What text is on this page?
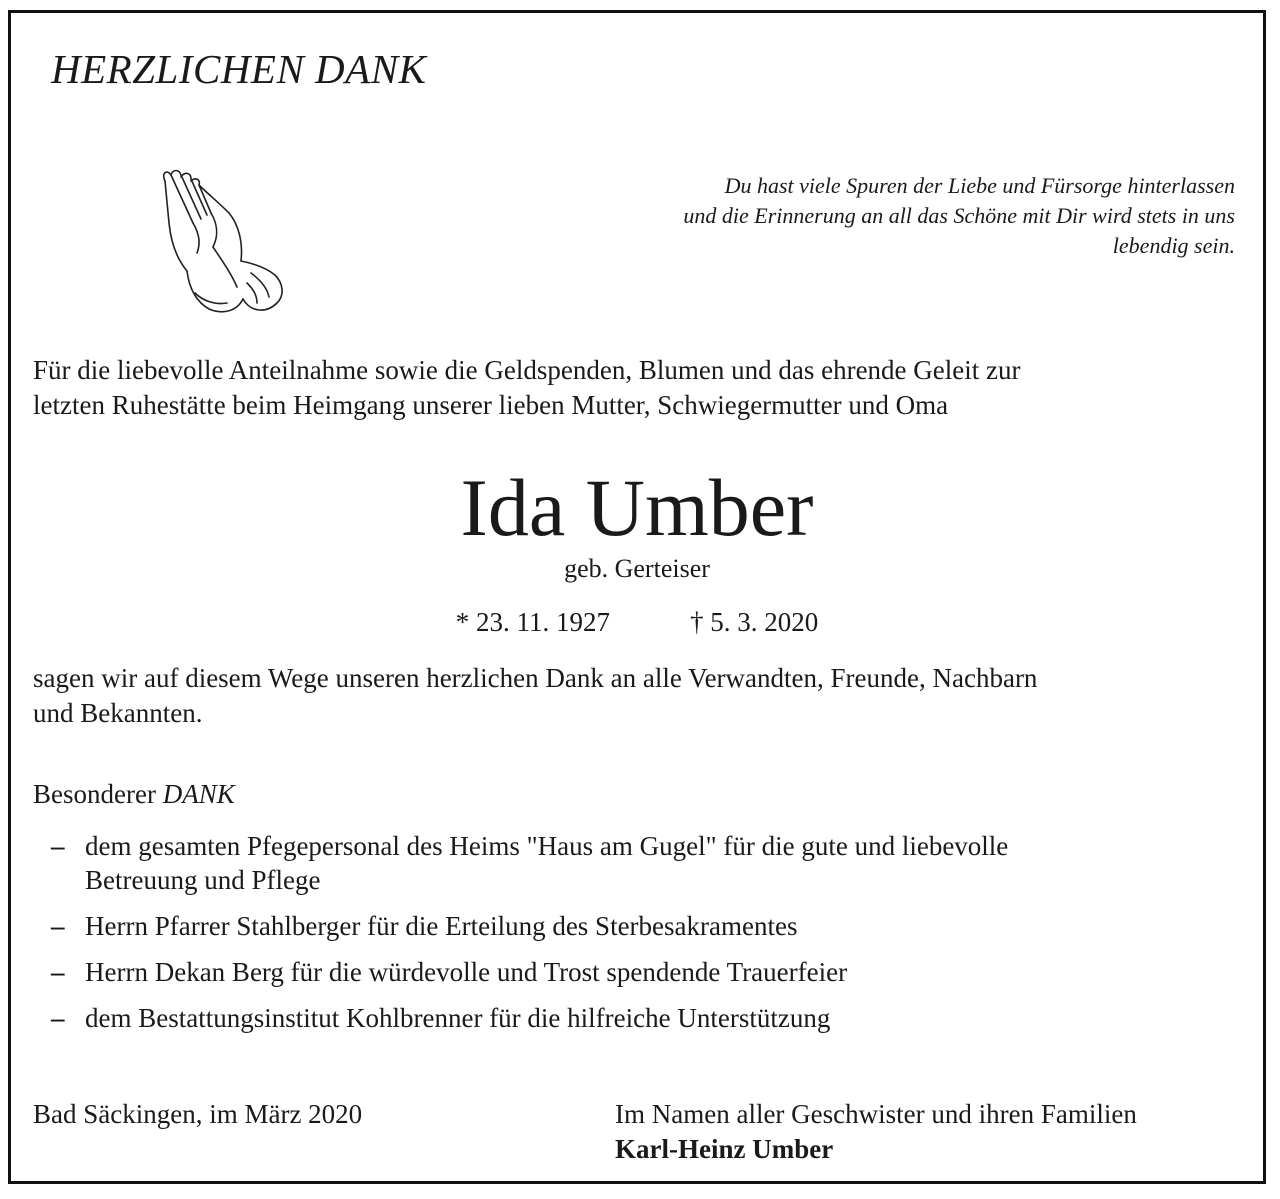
HERZLICHEN DANK
Du hast viele Spuren der Liebe und Fürsorge hinterlassen
und die Erinnerung an all das Schöne mit Dir wird stets in uns
lebendig sein.
Für die liebevolle Anteilnahme sowie die Geldspenden, Blumen und das ehrende Geleit zur
letzten Ruhestätte beim Heimgang unserer lieben Mutter, Schwiegermutter und Oma
Ida Umber
geb. Gerteiser
* 23. 11. 1927	† 5. 3. 2020
sagen wir auf diesem Wege unseren herzlichen Dank an alle Verwandten, Freunde, Nachbarn
und Bekannten.
Besonderer DANK
– dem gesamten Pfegepersonal des Heims "Haus am Gugel" für die gute und liebevolle
Betreuung und Pflege
– Herrn Pfarrer Stahlberger für die Erteilung des Sterbesakramentes
– Herrn Dekan Berg für die würdevolle und Trost spendende Trauerfeier
– dem Bestattungsinstitut Kohlbrenner für die hilfreiche Unterstützung
Bad Säckingen, im März 2020	Im Namen aller Geschwister und ihren Familien
Karl-Heinz Umber
